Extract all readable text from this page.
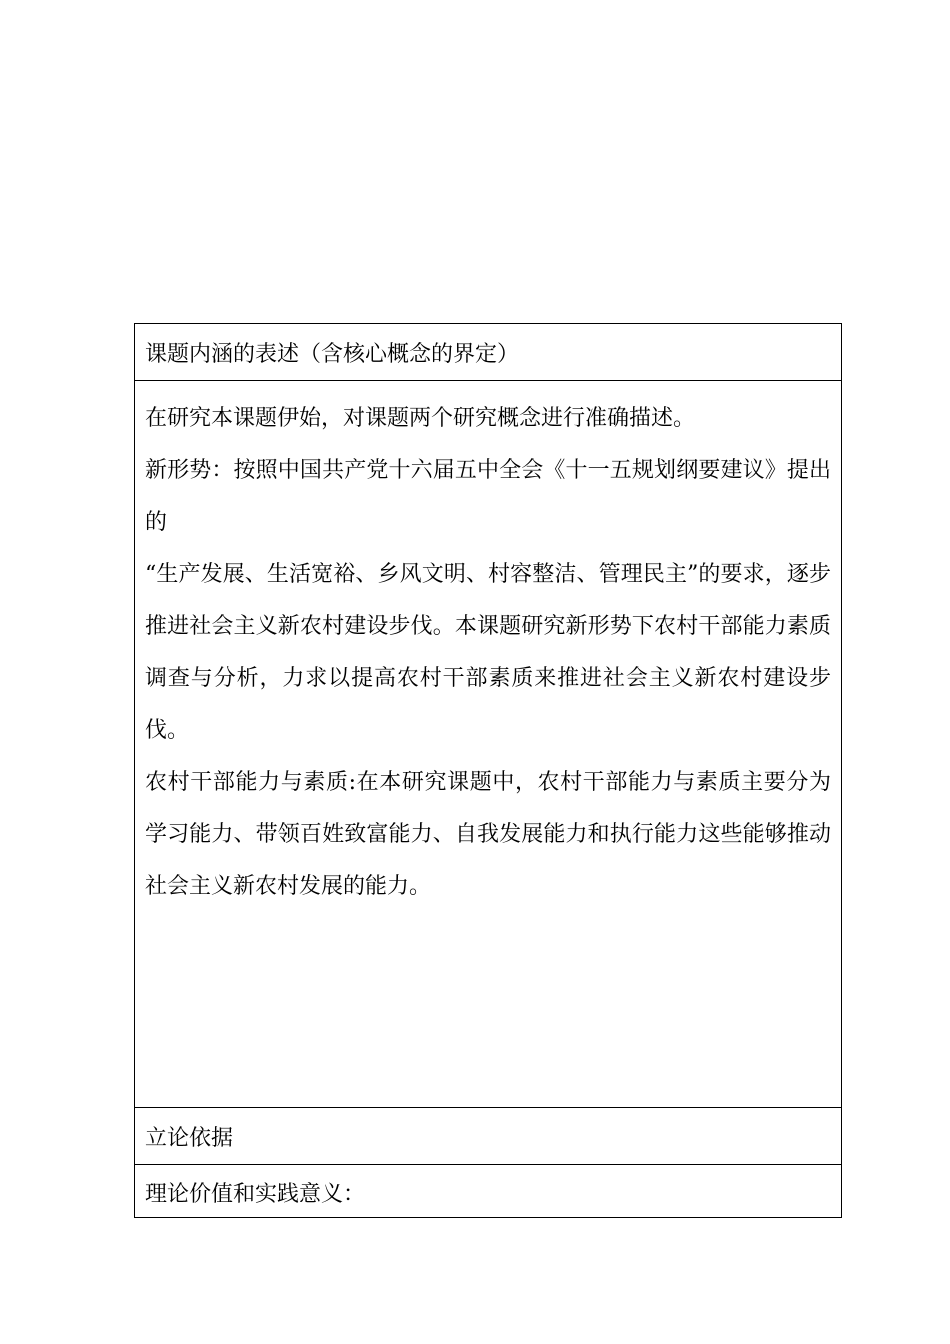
课题内涵的表述（含核心概念的界定）

在研究本课题伊始，对课题两个研究概念进行准确描述。

新形势：按照中国共产党十六届五中全会《十一五规划纲要建议》提出的

“生产发展、生活宽裕、乡风文明、村容整洁、管理民主”的要求，逐步推进社会主义新农村建设步伐。本课题研究新形势下农村干部能力素质调查与分析，力求以提高农村干部素质来推进社会主义新农村建设步伐。

农村干部能力与素质:在本研究课题中，农村干部能力与素质主要分为学习能力、带领百姓致富能力、自我发展能力和执行能力这些能够推动社会主义新农村发展的能力。

立论依据
理论价值和实践意义：
